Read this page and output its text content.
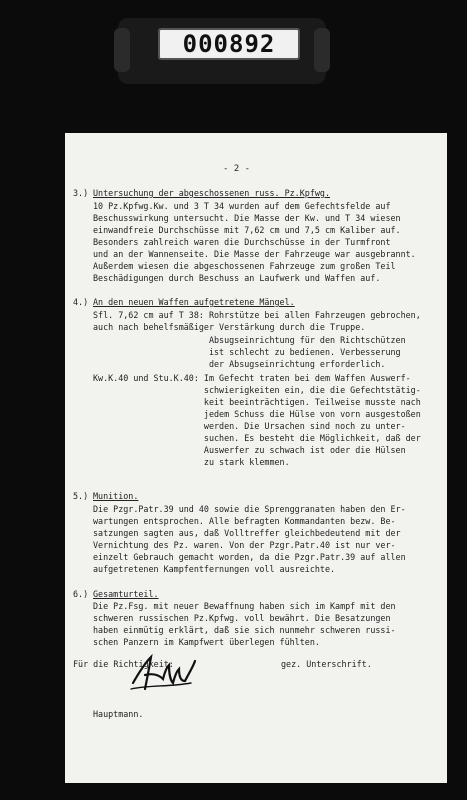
000892
- 2 -
3.) Untersuchung der abgeschossenen russ. Pz.Kpfwg.
10 Pz.Kpfwg.Kw. und 3 T 34 wurden auf dem Gefechtsfelde auf
Beschusswirkung untersucht. Die Masse der Kw. und T 34 wiesen
einwandfreie Durchschüsse mit 7,62 cm und 7,5 cm Kaliber auf.
Besonders zahlreich waren die Durchschüsse in der Turmfront
und an der Wannenseite. Die Masse der Fahrzeuge war ausgebrannt.
Außerdem wiesen die abgeschossenen Fahrzeuge zum großen Teil
Beschädigungen durch Beschuss an Laufwerk und Waffen auf.
4.) An den neuen Waffen aufgetretene Mängel.
Sfl. 7,62 cm auf T 38: Rohrstütze bei allen Fahrzeugen gebrochen,
auch nach behelfsmäßiger Verstärkung durch die Truppe.
Absugseinrichtung für den Richtschützen
ist schlecht zu bedienen. Verbesserung
der Absugseinrichtung erforderlich.
Kw.K.40 und Stu.K.40: Im Gefecht traten bei dem Waffen Auswerf-
schwierigkeiten ein, die die Gefechtstätig-
keit beeinträchtigen. Teilweise musste nach
jedem Schuss die Hülse von vorn ausgestoßen
werden. Die Ursachen sind noch zu unter-
suchen. Es besteht die Möglichkeit, daß der
Auswerfer zu schwach ist oder die Hülsen
zu stark klemmen.
5.) Munition.
Die Pzgr.Patr.39 und 40 sowie die Sprenggranaten haben den Er-
wartungen entsprochen. Alle befragten Kommandanten bezw. Be-
satzungen sagten aus, daß Volltreffer gleichbedeutend mit der
Vernichtung des Pz. waren. Von der Pzgr.Patr.40 ist nur ver-
einzelt Gebrauch gemacht worden, da die Pzgr.Patr.39 auf allen
aufgetretenen Kampfentfernungen voll ausreichte.
6.) Gesamturteil.
Die Pz.Fsg. mit neuer Bewaffnung haben sich im Kampf mit den
schweren russischen Pz.Kpfwg. voll bewährt. Die Besatzungen
haben einmütig erklärt, daß sie sich nunmehr schweren russi-
schen Panzern im Kampfwert überlegen fühlten.
Für die Richtigkeit:	gez. Unterschrift.
Hauptmann.
